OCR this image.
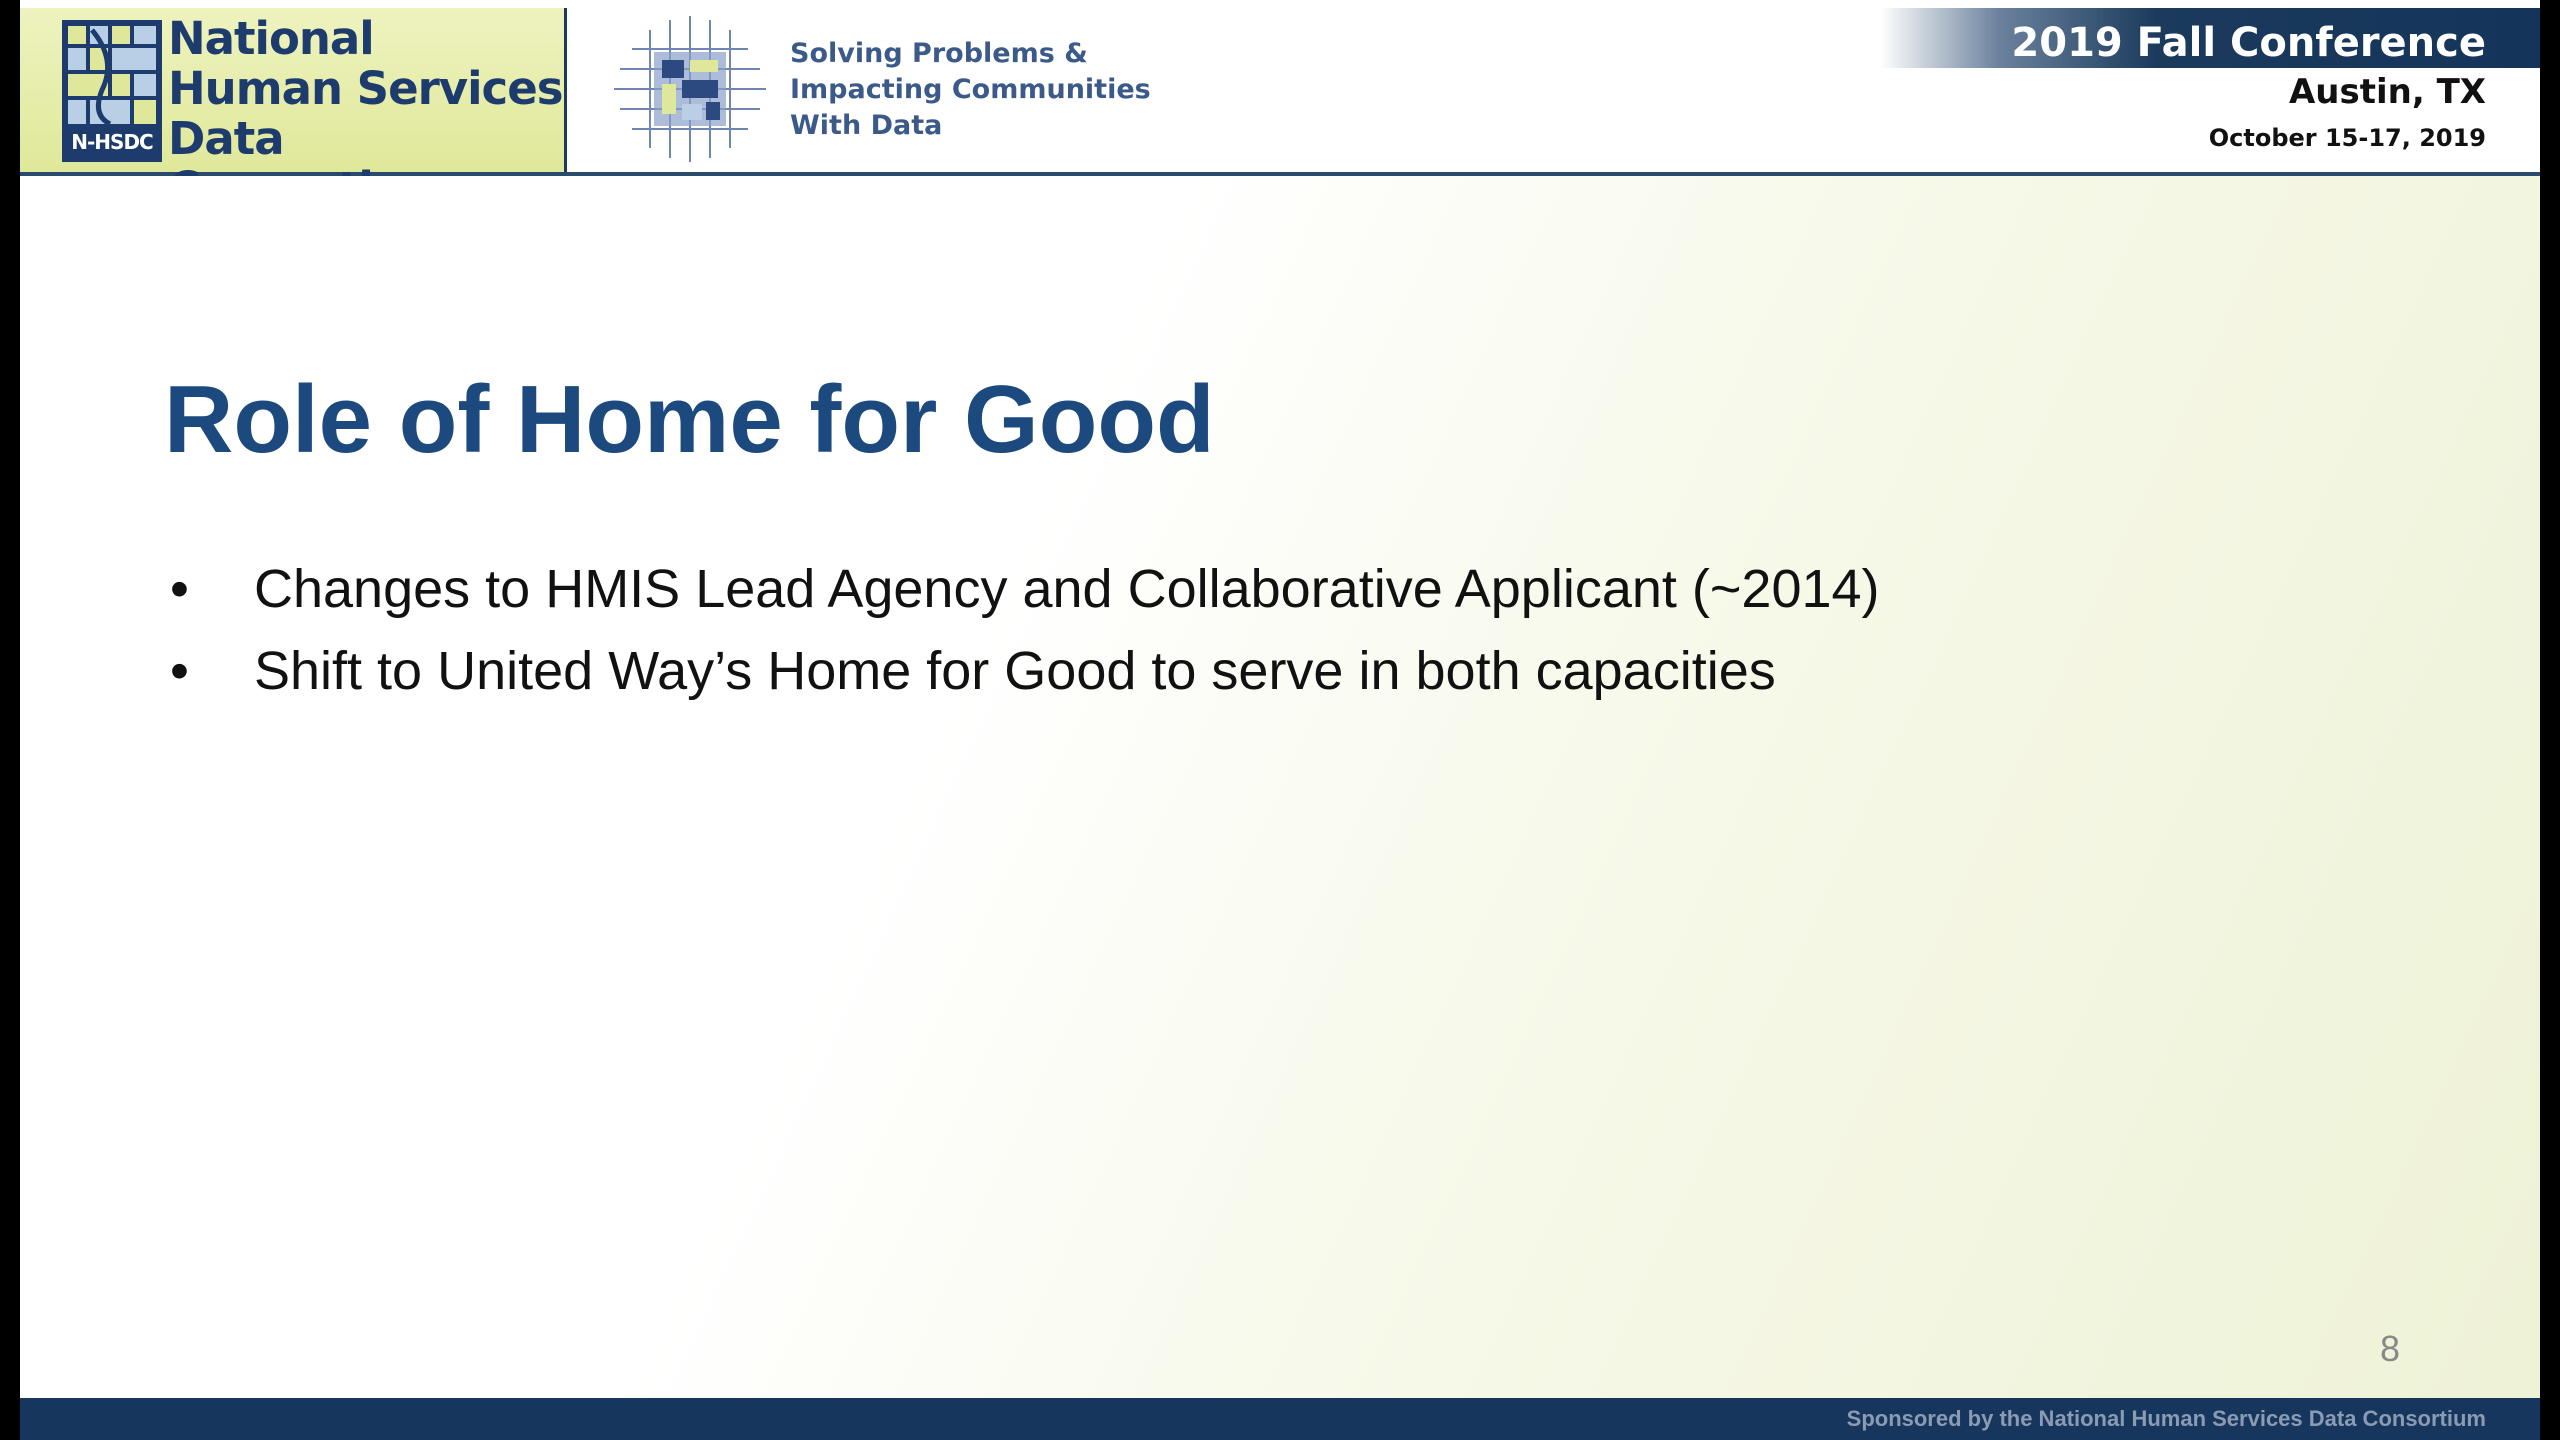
N-HSDC
National
Human Services
Data
Solving Problems &
Impacting Communities
With Data
2019 Fall Conference
Austin, TX
October 15-17, 2019
Role of Home for Good
• Changes to HMIS Lead Agency and Collaborative Applicant (~2014)
• Shift to United Way’s Home for Good to serve in both capacities
8
Sponsored by the National Human Services Data Consortium
